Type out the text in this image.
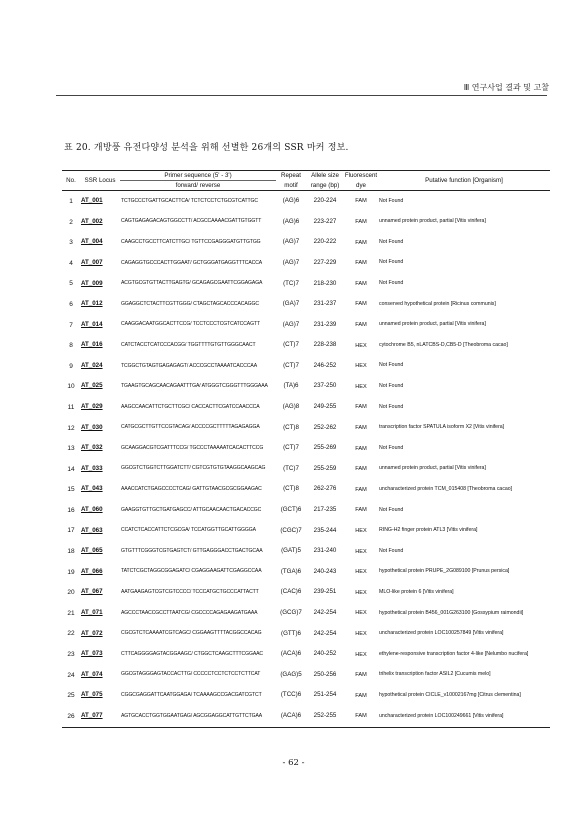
Ⅲ 연구사업 결과 및 고찰
표 20. 개방풍 유전다양성 분석을 위해 선별한 26개의 SSR 마커 정보.
No.	SSR Locus	Primer sequence (5' - 3')	Repeat	Allele size	Fluorescent	Putative function [Organism]
		forward/ reverse	motif	range (bp)	dye	
1	AT_001	TCTGCCCTGATTGCACTTCA/ TCTCTCCTCTGCGTCATTGC	(AG)6	220-224	FAM	Not Found
2	AT_002	CAGTGAGAGACAGTGGCCTT/ ACGCCAAAACGATTGTGGTT	(AG)6	223-227	FAM	unnamed protein product, partial [Vitis vinifera]
3	AT_004	CAAGCCTGCCTTCATCTTGC/ TGTTCCGAGGGATGTTGTGG	(AG)7	220-222	FAM	Not Found
4	AT_007	CAGAGGTGCCCACTTGGAAT/ GCTGGGATGAGGTTTCACCA	(AG)7	227-229	FAM	Not Found
5	AT_009	ACGTGCGTGTTACTTGAGTG/ GCAGAGCGAATTCGGAGAGA	(TC)7	218-230	FAM	Not Found
6	AT_012	GGAGGCTCTACTTCGTTGGG/ CTAGCTAGCACCCACAGGC	(GA)7	231-237	FAM	conserved hypothetical protein [Ricinus communis]
7	AT_014	CAAGGACAATGGCACTTCCG/ TCCTCCCTCGTCATCCAGTT	(AG)7	231-239	FAM	unnamed protein product, partial [Vitis vinifera]
8	AT_016	CATCTACCTCATCCCACGG/ TGGTTTTGTGTTGGGCAACT	(CT)7	228-238	HEX	cytochrome B5, nLATCBS-D,CB5-D [Theobroma cacao]
9	AT_024	TCGGCTGTAGTGAGAGAGT/ ACCCGCCTAAAATCACCCAA	(CT)7	246-252	HEX	Not Found
10	AT_025	TGAAGTGCAGCAACAGAATTTGA/ ATGGGTCGGGTTTGGGAAA	(TA)6	237-250	HEX	Not Found
11	AT_029	AAGCCAACATTCTGCTTCGC/ CACCACTTCGATCCAACCCA	(AG)8	249-255	FAM	Not Found
12	AT_030	CATGCGCTTGTTCCGTACAG/ ACCCCGCTTTTTAGAGAGGA	(CT)8	252-262	FAM	transcription factor SPATULA isoform X2 [Vitis vinifera]
13	AT_032	GCAAGGACGTCGATTTCCG/ TGCCCTAAAAATCACACTTCCG	(CT)7	255-269	FAM	Not Found
14	AT_033	GGCGTCTGGTCTTGGATCTT/ CGTCGTGTGTAAGGCAAGCAG	(TC)7	255-259	FAM	unnamed protein product, partial [Vitis vinifera]
15	AT_043	AAACCATCTGAGCCCCTCAG/ GATTGTAACGCGCGGAAGAC	(CT)8	262-276	FAM	uncharacterized protein TCM_015408 [Theobroma cacao]
16	AT_060	GAAGGTGTTGCTGATGAGCC/ ATTGCAACAACTGACACCGC	(GCT)6	217-235	FAM	Not Found
17	AT_063	CCATCTCACCATTCTCGCGA/ TCCATGGTTGCATTGGGGA	(CGC)7	235-244	HEX	RING-H2 finger protein ATL3 [Vitis vinifera]
18	AT_065	GTGTTTCGGGTCGTGAGTCT/ GTTGAGGGACCTGACTGCAA	(GAT)5	231-240	HEX	Not Found
19	AT_066	TATCTCGCTAGGCGGAGATC/ CGAGGAAGATTCGAGGCCAA	(TGA)6	240-243	HEX	hypothetical protein PRUPE_2G089100 [Prunus persica]
20	AT_067	AATGAAGAGTCGTCGTCCCC/ TCCCATGCTGCCCATTACTT	(CAC)6	239-251	HEX	MLO-like protein 6 [Vitis vinifera]
21	AT_071	AGCCCTAACCGCCTTAATCG/ CGCCCCAGAGAAGATGAAA	(GCG)7	242-254	HEX	hypothetical protein B456_001G263100 [Gossypium raimondii]
22	AT_072	CGCGTCTCAAAATCGTCAGC/ CGGAAGTTTTACGGCCACAG	(GTT)6	242-254	HEX	uncharacterized protein LOC100257849 [Vitis vinifera]
23	AT_073	CTTCAGGGGAGTACGGAAGC/ CTGGCTCAAGCTTTCGGAAC	(ACA)6	240-252	HEX	ethylene-responsive transcription factor 4-like [Nelumbo nucifera]
24	AT_074	GGCGTAGGGAGTACCACTTG/ CCCCCTCCTCTCCTCTTCAT	(GAG)5	250-256	FAM	trihelix transcription factor ASIL2 [Cucumis melo]
25	AT_075	CGGCGAGGATTCAATGGAGA/ TCAAAAGCCGACGATCGTCT	(TCC)6	251-254	FAM	hypothetical protein CICLE_v10002167mg [Citrus clementina]
26	AT_077	AGTGCACCTGGTGGAATGAG/ AGCGGAGGCATTGTTCTGAA	(ACA)6	252-255	FAM	uncharacterized protein LOC100249661 [Vitis vinifera]
- 62 -
